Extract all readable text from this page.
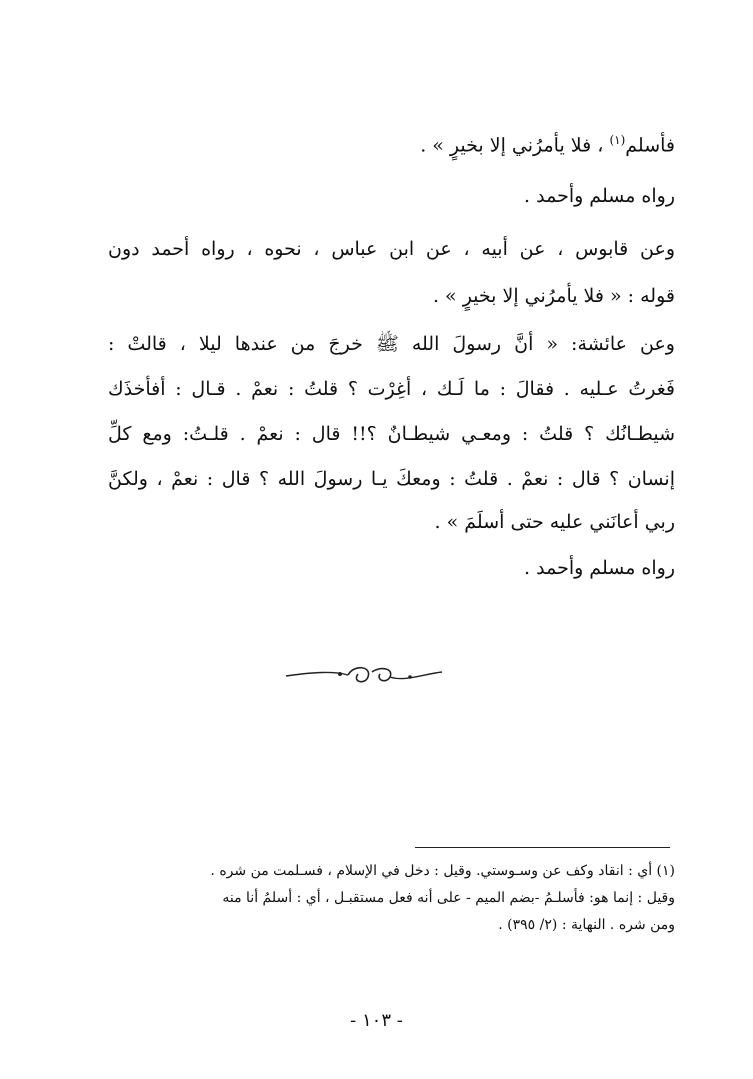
فأسلم$^{(١)}$ ، فلا يأمرُني إلا بخيرٍ » .
رواه مسلم وأحمد .
وعن قابوس ، عن أبيه ، عن ابن عباس ، نحوه ، رواه أحمد دون
قوله : « فلا يأمرُني إلا بخيرٍ » .
وعن عائشة: « أنَّ رسولَ الله ﷺ خرجَ من عندها ليلا ، قالتْ :
فَغرتُ عـليه . فقالَ : ما لَـك ، أغِرْت ؟ قلتُ : نعمْ . قـال : أفأخذَك
شيطـانُك ؟ قلتُ : ومعـي شيطـانٌ ؟!! قال : نعمْ . قلـتُ: ومع كلِّ
إنسان ؟ قال : نعمْ . قلتُ : ومعكَ يـا رسولَ الله ؟ قال : نعمْ ، ولكنَّ
ربي أعانَني عليه حتى أسلَمَ » .
رواه مسلم وأحمد .
(١) أي : انقاد وكف عن وسـوستي. وقيل : دخل في الإسلام ، فسـلمت من شره .
وقيل : إنما هو: فأسلـمُ -بضم الميم - على أنه فعل مستقبـل ، أي : أسلمُ أنا منه
ومن شره . النهاية : (٢/ ٣٩٥) .
- ١٠٣ -
